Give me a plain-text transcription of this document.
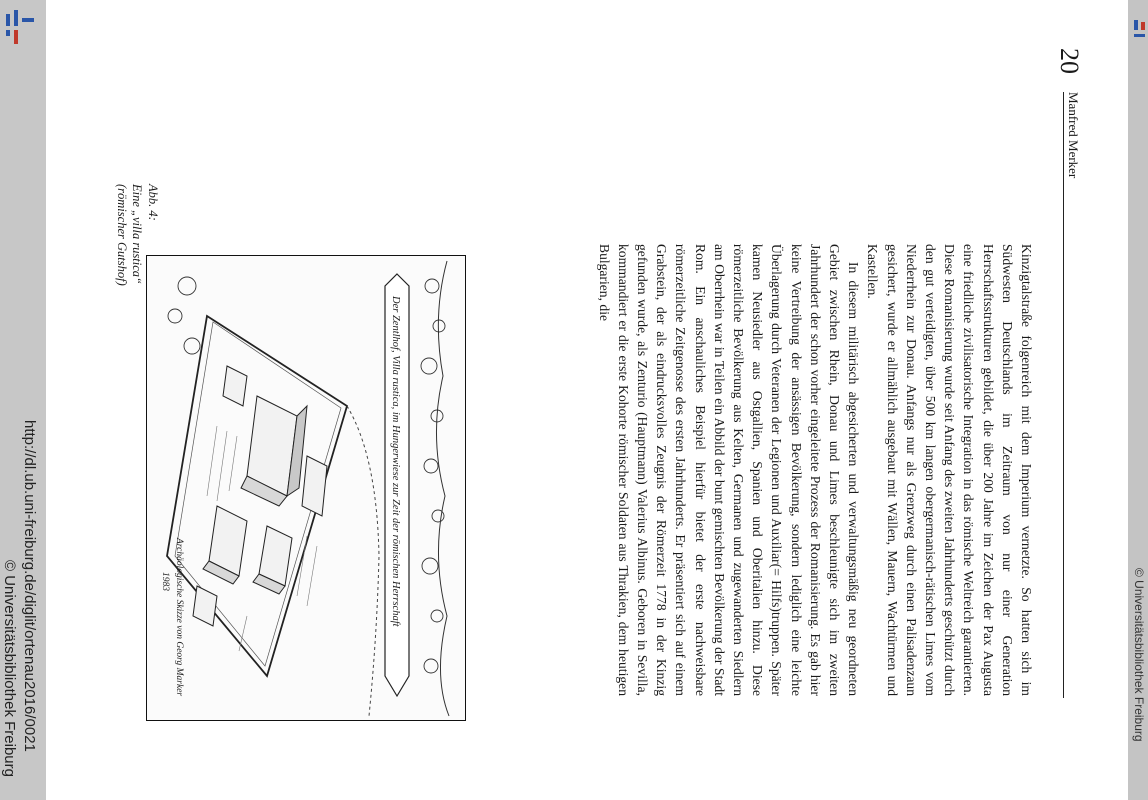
http://dl.ub.uni-freiburg.de/diglit/ortenau2016/0021
© Universitätsbibliothek Freiburg	© Universitätsbibliothek Freiburg
20
Manfred Merker

Kinzigtalstraße folgenreich mit dem Imperium vernetzte. So hatten sich im Südwesten Deutschlands im Zeitraum von nur einer Generation Herrschaftsstrukturen gebildet, die über 200 Jahre im Zeichen der Pax Augusta eine friedliche zivilisatorische Integration in das römische Weltreich garantierten. Diese Romanisierung wurde seit Anfang des zweiten Jahrhunderts geschützt durch den gut verteidigten, über 500 km langen obergermanisch-rätischen Limes vom Niederrhein zur Donau. Anfangs nur als Grenzweg durch einen Palisadenzaun gesichert, wurde er allmählich ausgebaut mit Wällen, Mauern, Wachtürmen und Kastellen.

In diesem militärisch abgesicherten und verwaltungsmäßig neu geordneten Gebiet zwischen Rhein, Donau und Limes beschleunigte sich im zweiten Jahrhundert der schon vorher eingeleitete Prozess der Romanisierung. Es gab hier keine Vertreibung der ansässigen Bevölkerung, sondern lediglich eine leichte Überlagerung durch Veteranen der Legionen und Auxiliar(= Hilfs)truppen. Später kamen Neusiedler aus Ostgallien, Spanien und Oberitalien hinzu. Diese römerzeitliche Bevölkerung aus Kelten, Germanen und zugewanderten Siedlern am Oberrhein war in Teilen ein Abbild der bunt gemischten Bevölkerung der Stadt Rom. Ein anschauliches Beispiel hierfür bietet der erste nachweisbare römerzeitliche Zeitgenosse des ersten Jahrhunderts. Er präsentiert sich auf einem Grabstein, der als eindrucksvolles Zeugnis der Römerzeit 1778 in der Kinzig gefunden wurde, als Zenturio (Hauptmann) Valerius Albinus. Geboren in Sevilla, kommandiert er die erste Kohorte römischer Soldaten aus Thrakien, dem heutigen Bulgarien, die

Abb. 4:
Eine „villa rustica“
(römischer Gutshof)
Der Zentlhof, Villa rustica, im Hungerwiese zur Zeit der römischen Herrschaft
Archäologische Skizze von Georg Marker
1983
